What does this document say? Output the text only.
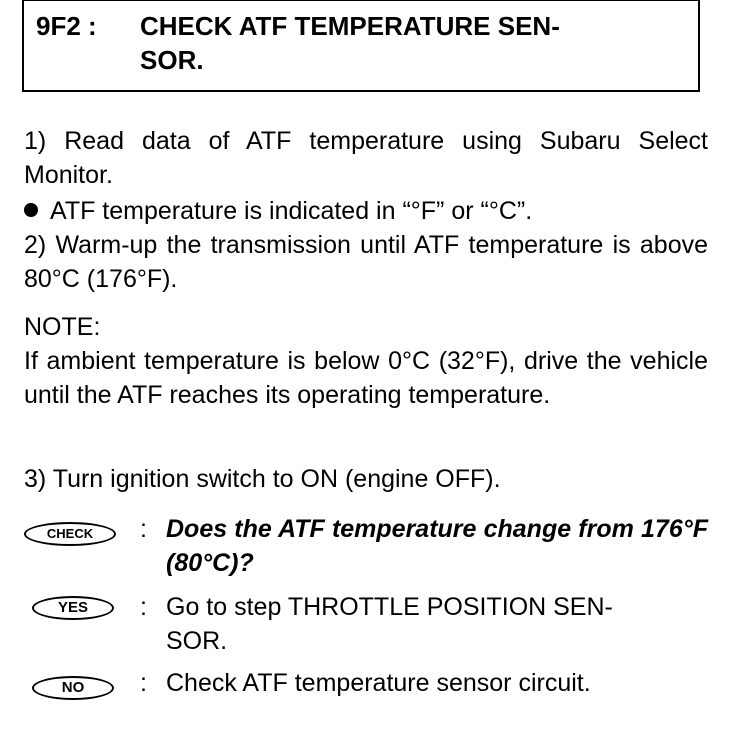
9F2 : CHECK ATF TEMPERATURE SEN-
SOR.
1) Read data of ATF temperature using Subaru Select Monitor.
ATF temperature is indicated in “°F” or “°C”.
2) Warm-up the transmission until ATF temperature is above 80°C (176°F).
NOTE:
If ambient temperature is below 0°C (32°F), drive the vehicle until the ATF reaches its operating temperature.
3) Turn ignition switch to ON (engine OFF).
CHECK	: Does the ATF temperature change from 176°F (80°C)?
YES	: Go to step THROTTLE POSITION SEN-
SOR.
NO	: Check ATF temperature sensor circuit.
